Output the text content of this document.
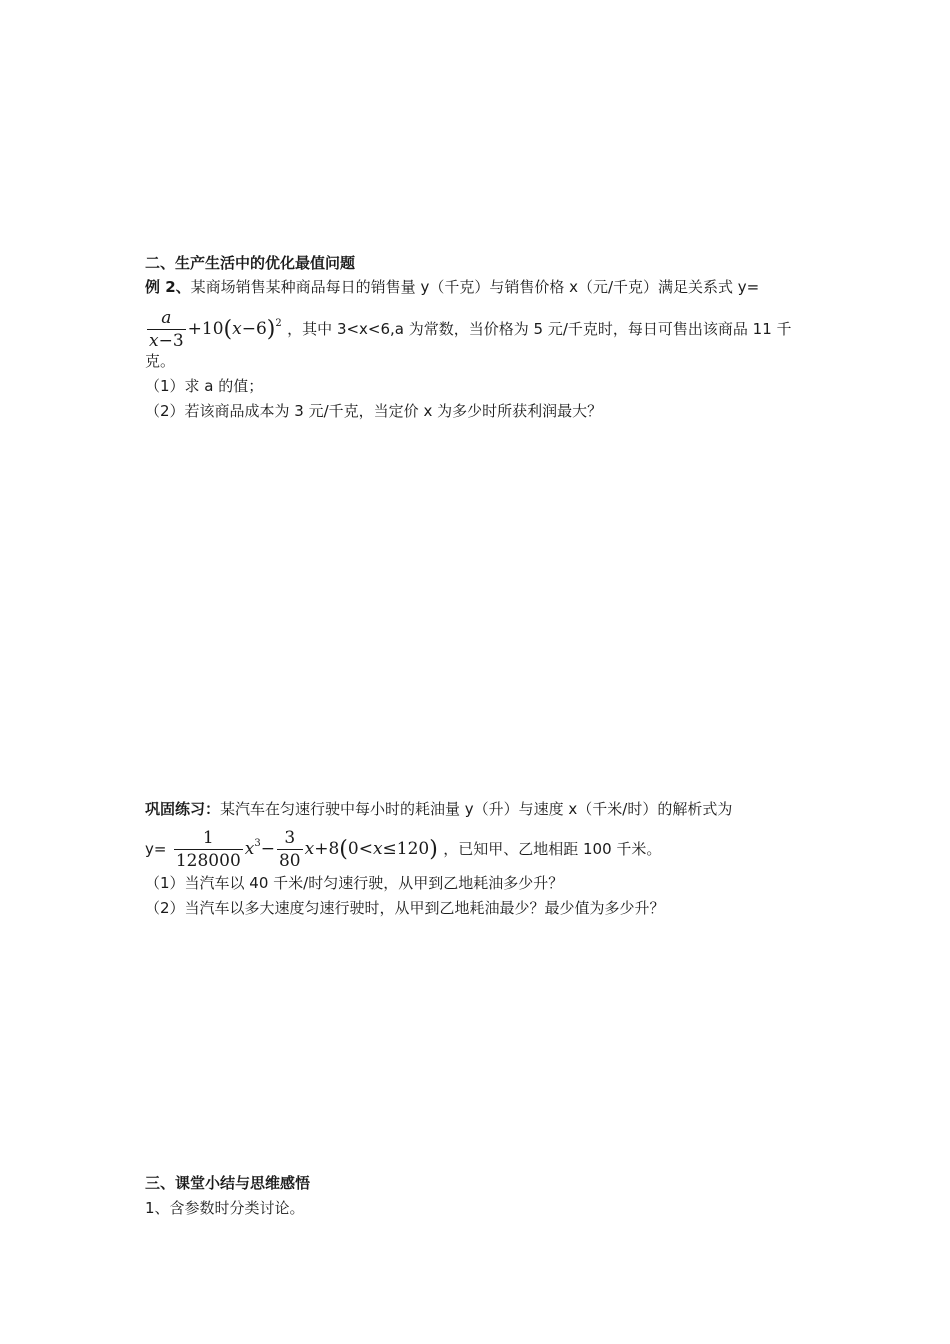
二、生产生活中的优化最值问题
例 2、某商场销售某种商品每日的销售量 y（千克）与销售价格 x（元/千克）满足关系式 y=
$\frac{a}{x-3} +10(x-6)^2$ ，其中 3<x<6,a 为常数，当价格为 5 元/千克时，每日可售出该商品 11 千
克。
（1）求 a 的值；
（2）若该商品成本为 3 元/千克，当定价 x 为多少时所获利润最大？
巩固练习：某汽车在匀速行驶中每小时的耗油量 y（升）与速度 x（千米/时）的解析式为
$y= \frac{1}{128000} x^3- \frac{3}{80} x+8(0<x\le 120)$ ，已知甲、乙地相距 100 千米。
（1）当汽车以 40 千米/时匀速行驶，从甲到乙地耗油多少升？
（2）当汽车以多大速度匀速行驶时，从甲到乙地耗油最少？最少值为多少升？
三、课堂小结与思维感悟
1、含参数时分类讨论。
